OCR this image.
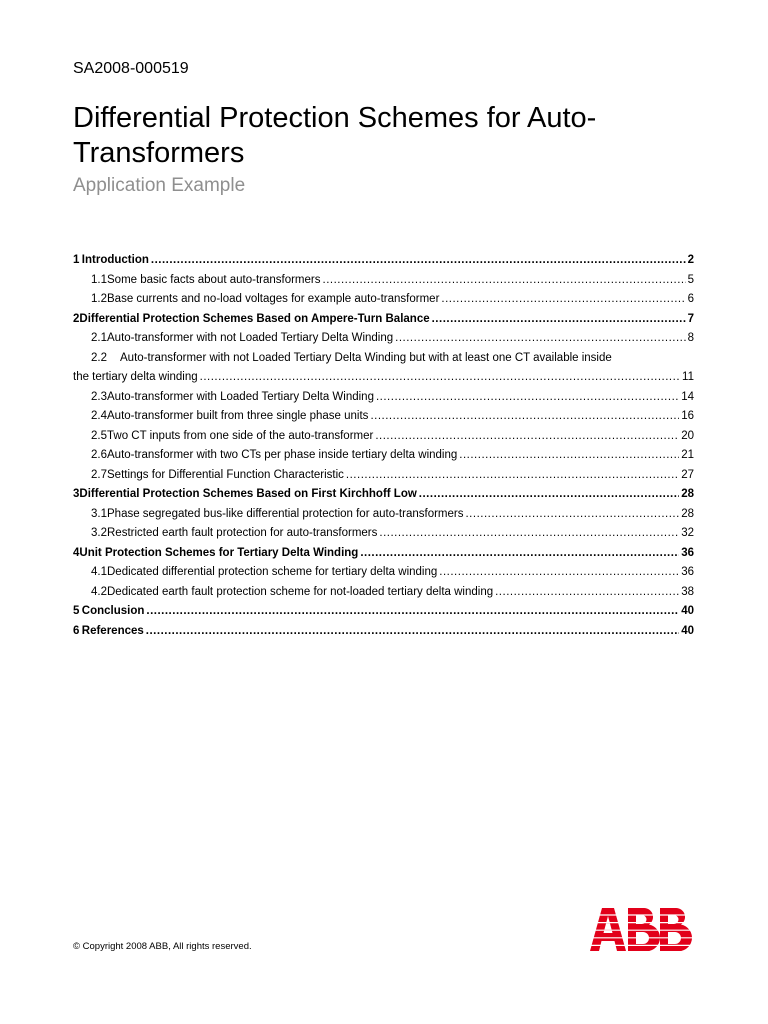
SA2008-000519
Differential Protection Schemes for Auto-Transformers
Application Example
1 Introduction .....	2
1.1 Some basic facts about auto-transformers .....	5
1.2 Base currents and no-load voltages for example auto-transformer .....	6
2 Differential Protection Schemes Based on Ampere-Turn Balance .....	7
2.1 Auto-transformer with not Loaded Tertiary Delta Winding .....	8
2.2 Auto-transformer with not Loaded Tertiary Delta Winding but with at least one CT available inside
the tertiary delta winding .....	11
2.3 Auto-transformer with Loaded Tertiary Delta Winding .....	14
2.4 Auto-transformer built from three single phase units .....	16
2.5 Two CT inputs from one side of the auto-transformer .....	20
2.6 Auto-transformer with two CTs per phase inside tertiary delta winding .....	21
2.7 Settings for Differential Function Characteristic .....	27
3 Differential Protection Schemes Based on First Kirchhoff Low .....	28
3.1 Phase segregated bus-like differential protection for auto-transformers .....	28
3.2 Restricted earth fault protection for auto-transformers .....	32
4 Unit Protection Schemes for Tertiary Delta Winding .....	36
4.1 Dedicated differential protection scheme for tertiary delta winding .....	36
4.2 Dedicated earth fault protection scheme for not-loaded tertiary delta winding .....	38
5 Conclusion .....	40
6 References .....	40
© Copyright 2008 ABB, All rights reserved.
